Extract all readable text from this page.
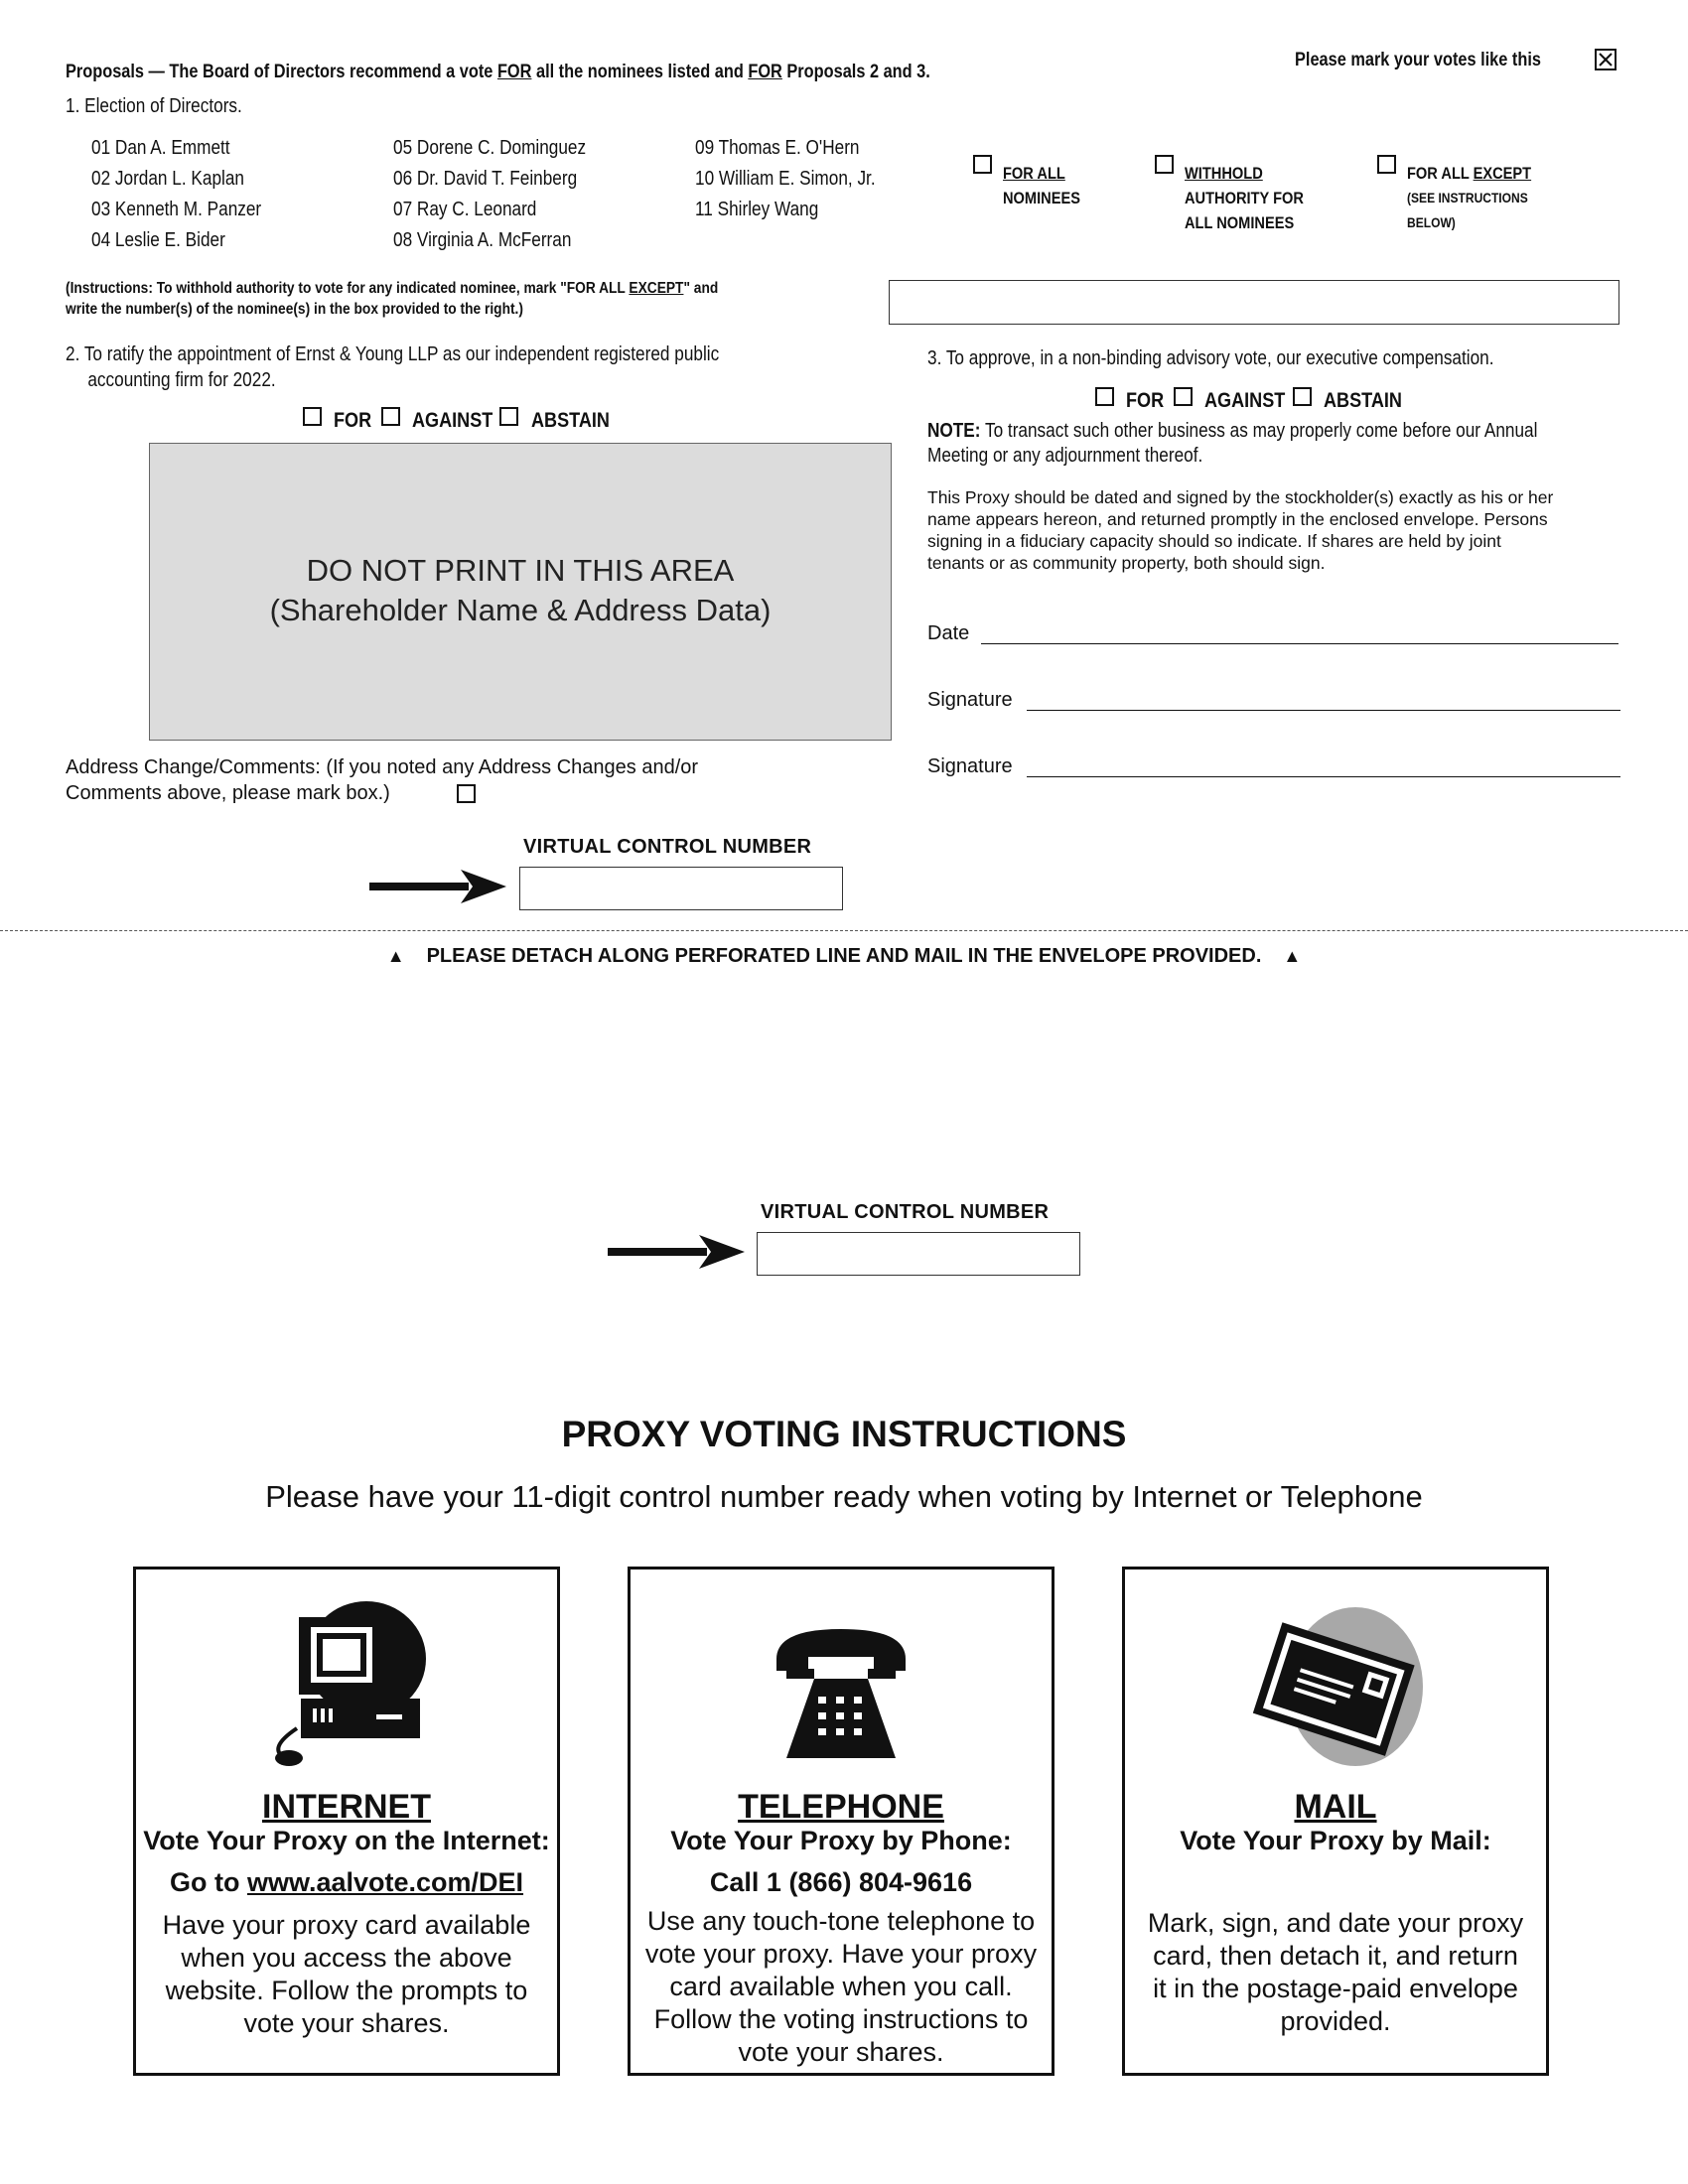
Proposals — The Board of Directors recommend a vote FOR all the nominees listed and FOR Proposals 2 and 3.
Please mark your votes like this
1. Election of Directors.
01 Dan A. Emmett
02 Jordan L. Kaplan
03 Kenneth M. Panzer
04 Leslie E. Bider
05 Dorene C. Dominguez
06 Dr. David T. Feinberg
07 Ray C. Leonard
08 Virginia A. McFerran
09 Thomas E. O'Hern
10 William E. Simon, Jr.
11 Shirley Wang
FOR ALL
NOMINEES
WITHHOLD
AUTHORITY FOR
ALL NOMINEES
FOR ALL EXCEPT
(SEE INSTRUCTIONS
BELOW)
(Instructions: To withhold authority to vote for any indicated nominee, mark "FOR ALL EXCEPT" and
write the number(s) of the nominee(s) in the box provided to the right.)
2. To ratify the appointment of Ernst & Young LLP as our independent registered public
accounting firm for 2022.
FOR AGAINST ABSTAIN
3. To approve, in a non-binding advisory vote, our executive compensation.
FOR AGAINST ABSTAIN
NOTE: To transact such other business as may properly come before our Annual
Meeting or any adjournment thereof.
This Proxy should be dated and signed by the stockholder(s) exactly as his or her
name appears hereon, and returned promptly in the enclosed envelope. Persons
signing in a fiduciary capacity should so indicate. If shares are held by joint
tenants or as community property, both should sign.
Date
Signature
Signature
DO NOT PRINT IN THIS AREA
(Shareholder Name & Address Data)
Address Change/Comments: (If you noted any Address Changes and/or
Comments above, please mark box.)
VIRTUAL CONTROL NUMBER
▲ PLEASE DETACH ALONG PERFORATED LINE AND MAIL IN THE ENVELOPE PROVIDED. ▲
VIRTUAL CONTROL NUMBER
PROXY VOTING INSTRUCTIONS
Please have your 11-digit control number ready when voting by Internet or Telephone
INTERNET
Vote Your Proxy on the Internet:
Go to www.aalvote.com/DEI
Have your proxy card available
when you access the above
website. Follow the prompts to
vote your shares.
TELEPHONE
Vote Your Proxy by Phone:
Call 1 (866) 804-9616
Use any touch-tone telephone to
vote your proxy. Have your proxy
card available when you call.
Follow the voting instructions to
vote your shares.
MAIL
Vote Your Proxy by Mail:
Mark, sign, and date your proxy
card, then detach it, and return
it in the postage-paid envelope
provided.
